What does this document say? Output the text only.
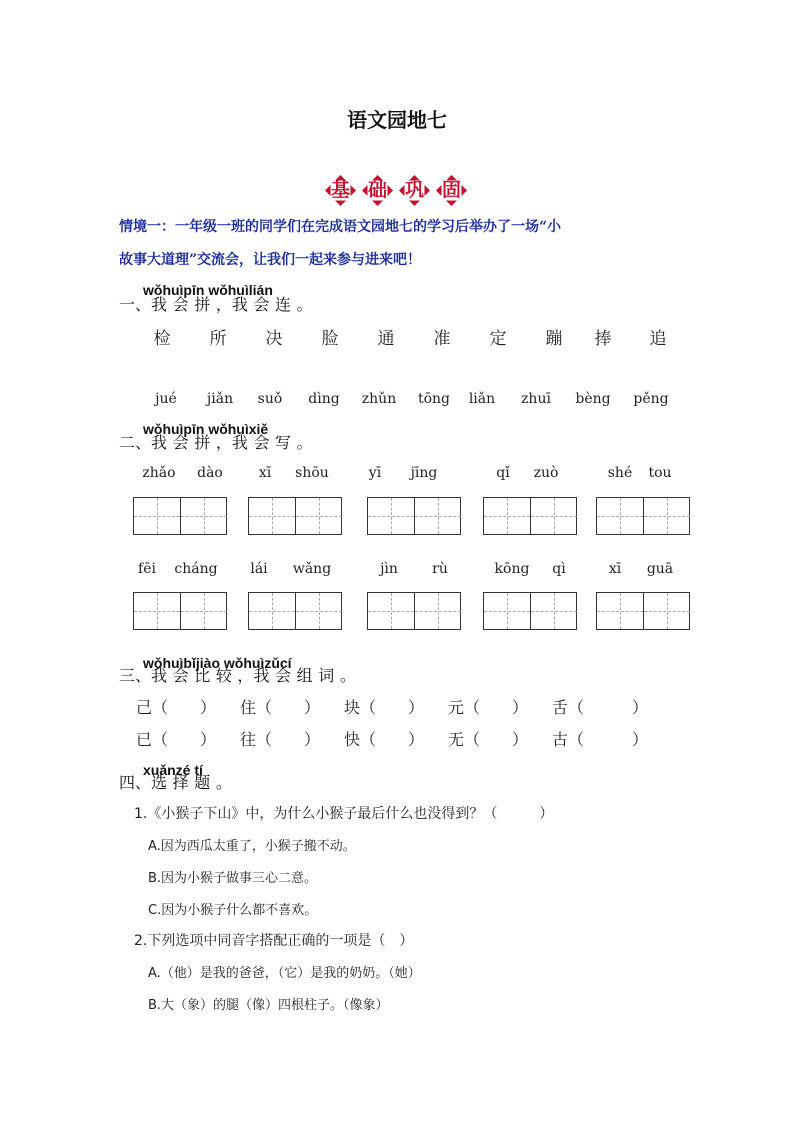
语文园地七
基 础 巩 固
情境一：一年级一班的同学们在完成语文园地七的学习后举办了一场“小
故事大道理”交流会，让我们一起来参与进来吧！
wǒhuìpīn wǒhuìlián
一、我会拼，我会连。
检 所 决 脸 通 准 定 蹦 捧 追
jué	jiǎn	suǒ	dìng	zhǔn	tōng	liǎn	zhuī	bèng	pěng
wǒhuìpīn wǒhuìxiě
二、我会拼，我会写。
zhǎo	dào	xī	shōu	yī	jīng	qǐ	zuò	shé	tou
fēi	cháng	lái	wǎng	jìn	rù	kōng	qì	xī	guā
wǒhuìbǐjiào wǒhuìzǔcí
三、我会比较，我会组词。
己（　　） 住（　　） 块（　　） 元（　　） 舌（　　　）
已（　　） 往（　　） 快（　　） 无（　　） 古（　　　）
xuǎnzé tí
四、选择题。
1.《小猴子下山》中，为什么小猴子最后什么也没得到？（　　　）
A.因为西瓜太重了，小猴子搬不动。
B.因为小猴子做事三心二意。
C.因为小猴子什么都不喜欢。
2.下列选项中同音字搭配正确的一项是（　）
A.（他）是我的爸爸，（它）是我的奶奶。（她）
B.大（象）的腿（像）四根柱子。（像象）
